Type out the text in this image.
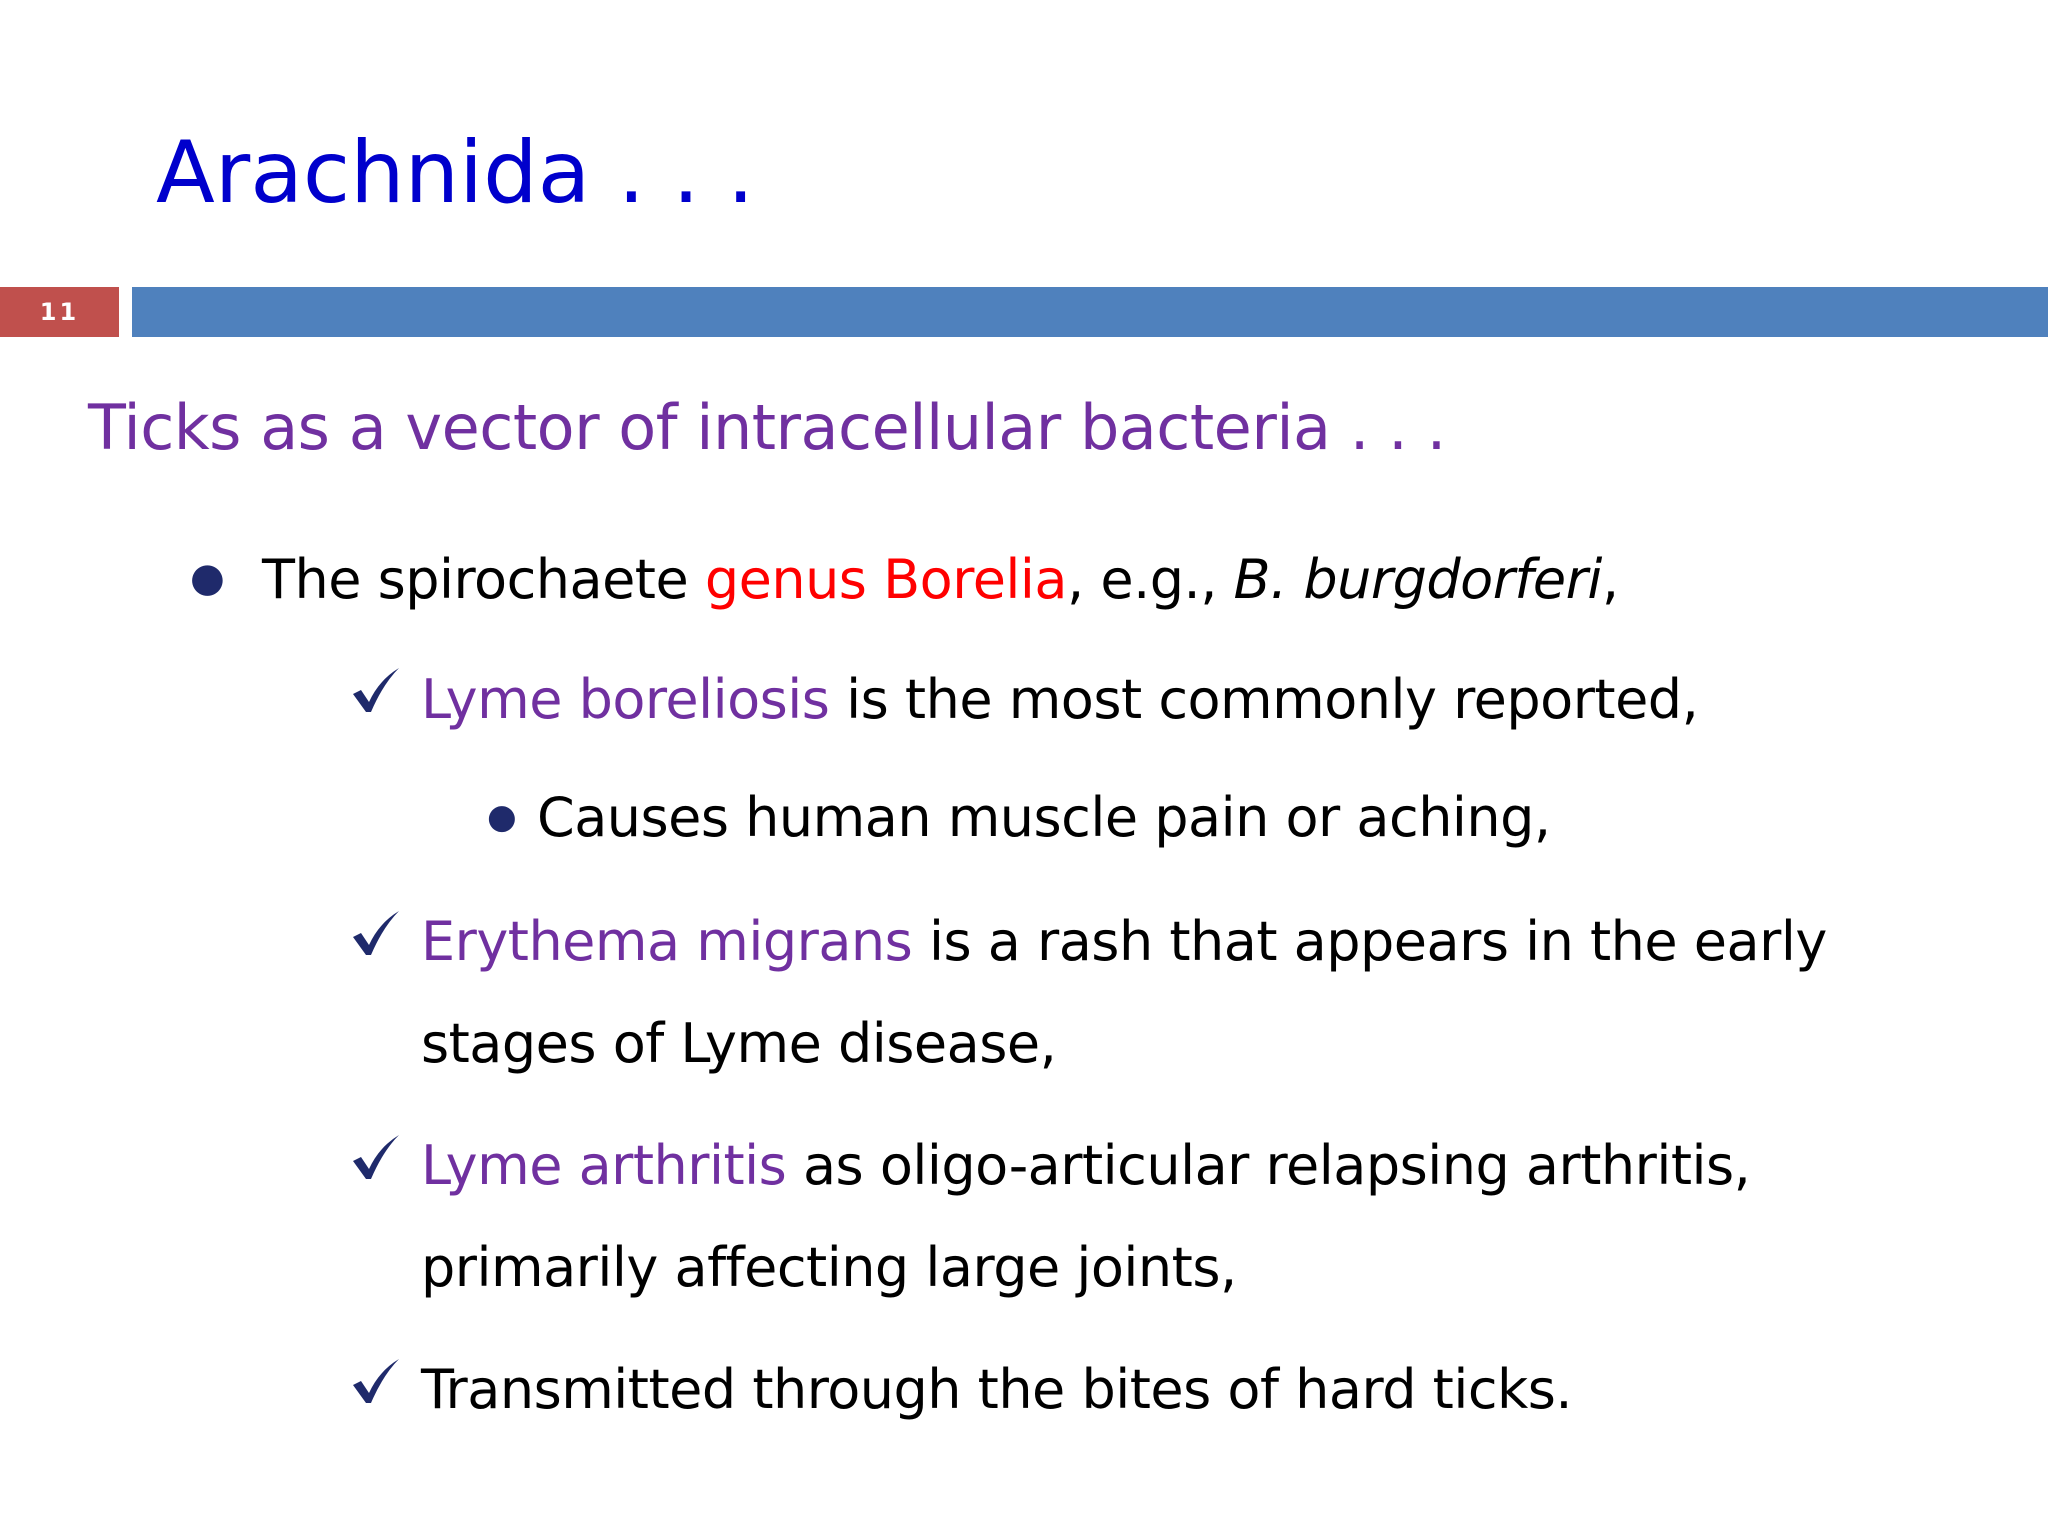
Arachnida . . .
11
Ticks as a vector of intracellular bacteria . . .
● The spirochaete genus Borelia, e.g., B. burgdorferi,
Lyme boreliosis is the most commonly reported,
● Causes human muscle pain or aching,
Erythema migrans is a rash that appears in the early
stages of Lyme disease,
Lyme arthritis as oligo-articular relapsing arthritis,
primarily affecting large joints,
Transmitted through the bites of hard ticks.
